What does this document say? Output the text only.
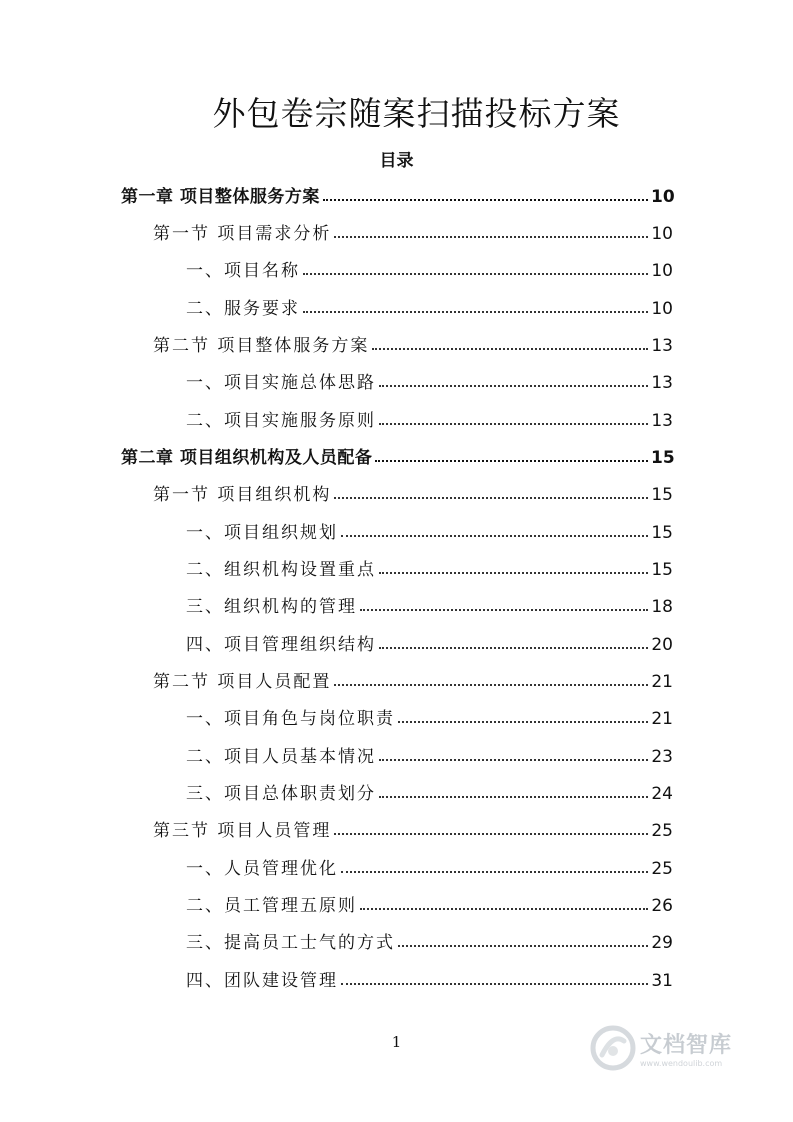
外包卷宗随案扫描投标方案
目录
第一章 项目整体服务方案	10
第一节 项目需求分析	10
一、项目名称	10
二、服务要求	10
第二节 项目整体服务方案	13
一、项目实施总体思路	13
二、项目实施服务原则	13
第二章 项目组织机构及人员配备	15
第一节 项目组织机构	15
一、项目组织规划	15
二、组织机构设置重点	15
三、组织机构的管理	18
四、项目管理组织结构	20
第二节 项目人员配置	21
一、项目角色与岗位职责	21
二、项目人员基本情况	23
三、项目总体职责划分	24
第三节 项目人员管理	25
一、人员管理优化	25
二、员工管理五原则	26
三、提高员工士气的方式	29
四、团队建设管理	31
1	文档智库
www.wendoulib.com
